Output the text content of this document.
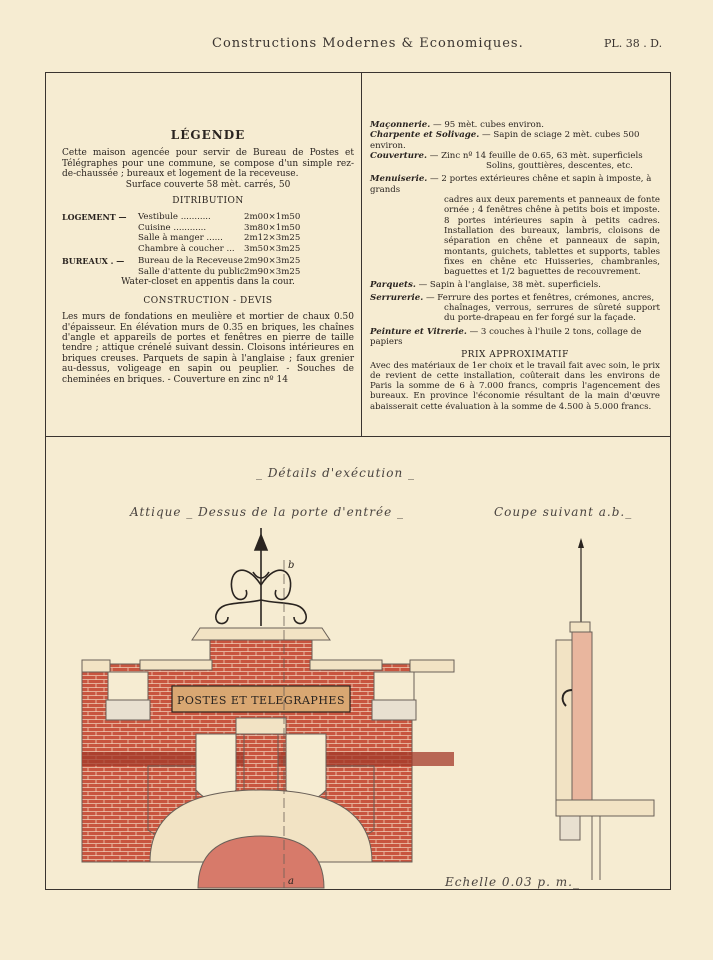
Constructions Modernes & Economiques.	PL. 38 . D.
LÉGENDE
Cette maison agencée pour servir de Bureau de Postes et Télégraphes pour une commune, se compose d'un simple rez-de-chaussée ; bureaux et logement de la receveuse.
Surface couverte 58 mèt. carrés, 50
DITRIBUTION
LOGEMENT — Vestibule ...........	2m00×1m50
Cuisine ............	3m80×1m50
Salle à manger ...... 2m12×3m25
Chambre à coucher ... 3m50×3m25
BUREAUX . — Bureau de la Receveuse 2m90×3m25
Salle d'attente du public 2m90×3m25
Water-closet en appentis dans la cour.
CONSTRUCTION - DEVIS
Les murs de fondations en meulière et mortier de chaux 0.50 d'épaisseur. En élévation murs de 0.35 en briques, les chaînes d'angle et appareils de portes et fenêtres en pierre de taille tendre ; attique crénelé suivant dessin. Cloisons intérieures en briques creuses. Parquets de sapin à l'anglaise ; faux grenier au-dessus, voligeage en sapin ou peuplier. - Souches de cheminées en briques. - Couverture en zinc nº 14
Maçonnerie. — 95 mèt. cubes environ.
Charpente et Solivage. — Sapin de sciage 2 mèt. cubes 500 environ.
Couverture. — Zinc nº 14 feuille de 0.65, 63 mèt. superficiels
Solins, gouttières, descentes, etc.
Menuiserie. — 2 portes extérieures chêne et sapin à imposte, à grands
cadres aux deux parements et panneaux de fonte ornée ; 4 fenêtres chêne à petits bois et imposte. 8 portes intérieures sapin à petits cadres. Installation des bureaux, lambris, cloisons de séparation en chêne et panneaux de sapin, montants, guichets, tablettes et supports, tables fixes en chêne etc Huisseries, chambranles, baguettes et 1/2 baguettes de recouvrement.
Parquets. — Sapin à l'anglaise, 38 mèt. superficiels.
Serrurerie. — Ferrure des portes et fenêtres, crémones, ancres,
chaînages, verrous, serrures de sûreté support du porte-drapeau en fer forgé sur la façade.
Peinture et Vitrerie. — 3 couches à l'huile 2 tons, collage de papiers
PRIX APPROXIMATIF
Avec des matériaux de 1er choix et le travail fait avec soin, le prix de revient de cette installation, coûterait dans les environs de Paris la somme de 6 à 7.000 francs, compris l'agencement des bureaux. En province l'économie résultant de la main d'œuvre abaisserait cette évaluation à la somme de 4.500 à 5.000 francs.
_ Détails d'exécution _
Attique _ Dessus de la porte d'entrée _	Coupe suivant a.b._
Echelle 0.03 p. m._
POSTES ET TELEGRAPHES
b
a
